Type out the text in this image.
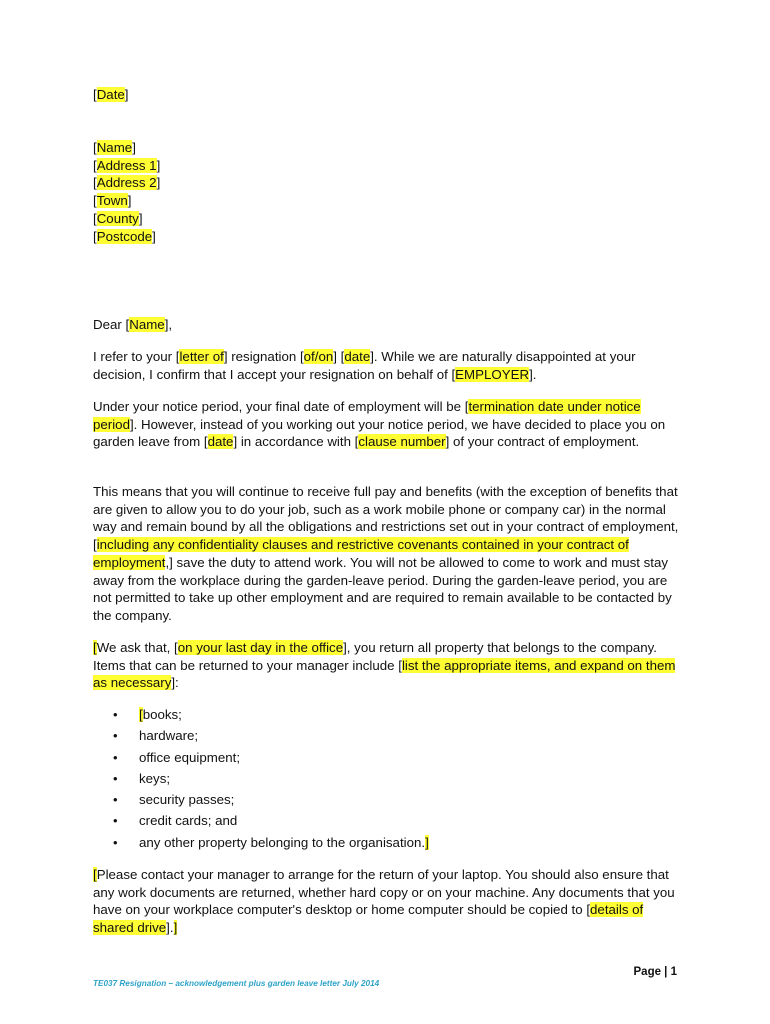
[Date]
[Name]
[Address 1]
[Address 2]
[Town]
[County]
[Postcode]
Dear [Name],

I refer to your [letter of] resignation [of/on] [date]. While we are naturally disappointed at your decision, I confirm that I accept your resignation on behalf of [EMPLOYER].

Under your notice period, your final date of employment will be [termination date under notice period]. However, instead of you working out your notice period, we have decided to place you on garden leave from [date] in accordance with [clause number] of your contract of employment.

This means that you will continue to receive full pay and benefits (with the exception of benefits that are given to allow you to do your job, such as a work mobile phone or company car) in the normal way and remain bound by all the obligations and restrictions set out in your contract of employment, [including any confidentiality clauses and restrictive covenants contained in your contract of employment,] save the duty to attend work. You will not be allowed to come to work and must stay away from the workplace during the garden-leave period. During the garden-leave period, you are not permitted to take up other employment and are required to remain available to be contacted by the company.

[We ask that, [on your last day in the office], you return all property that belongs to the company. Items that can be returned to your manager include [list the appropriate items, and expand on them as necessary]:

• [books;
• hardware;
• office equipment;
• keys;
• security passes;
• credit cards; and
• any other property belonging to the organisation.]

[Please contact your manager to arrange for the return of your laptop. You should also ensure that any work documents are returned, whether hard copy or on your machine. Any documents that you have on your workplace computer's desktop or home computer should be copied to [details of shared drive].]

Page | 1
TE037 Resignation – acknowledgement plus garden leave letter July 2014
